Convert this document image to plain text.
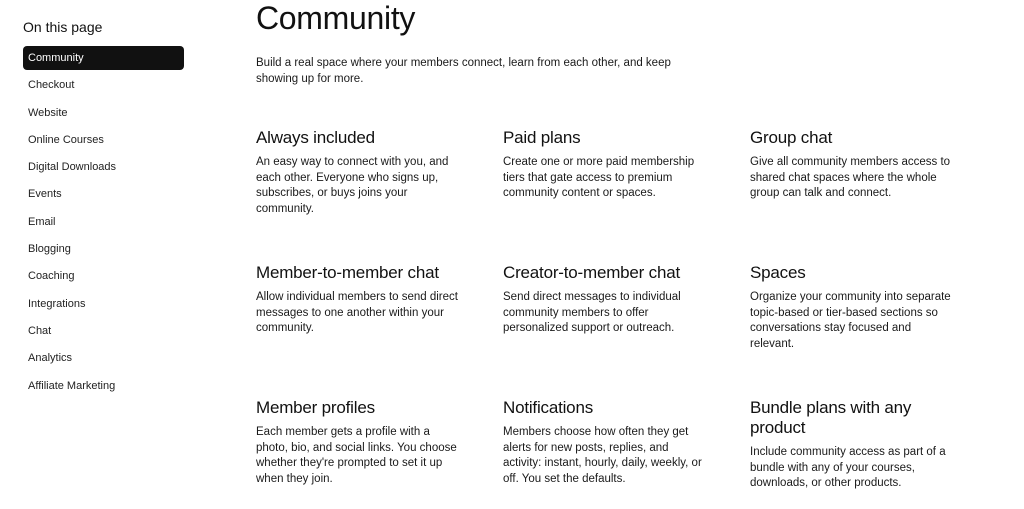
On this page
Community
Checkout
Website
Online Courses
Digital Downloads
Events
Email
Blogging
Coaching
Integrations
Chat
Analytics
Affiliate Marketing
Community

Build a real space where your members connect, learn from each other, and keep showing up for more.

Always included

An easy way to connect with you, and each other. Everyone who signs up, subscribes, or buys joins your community.

Paid plans

Create one or more paid membership tiers that gate access to premium community content or spaces.

Group chat

Give all community members access to shared chat spaces where the whole group can talk and connect.

Member-to-member chat

Allow individual members to send direct messages to one another within your community.

Creator-to-member chat

Send direct messages to individual community members to offer personalized support or outreach.

Spaces

Organize your community into separate topic-based or tier-based sections so conversations stay focused and relevant.

Member profiles

Each member gets a profile with a photo, bio, and social links. You choose whether they're prompted to set it up when they join.

Notifications

Members choose how often they get alerts for new posts, replies, and activity: instant, hourly, daily, weekly, or off. You set the defaults.

Bundle plans with any product

Include community access as part of a bundle with any of your courses, downloads, or other products.
